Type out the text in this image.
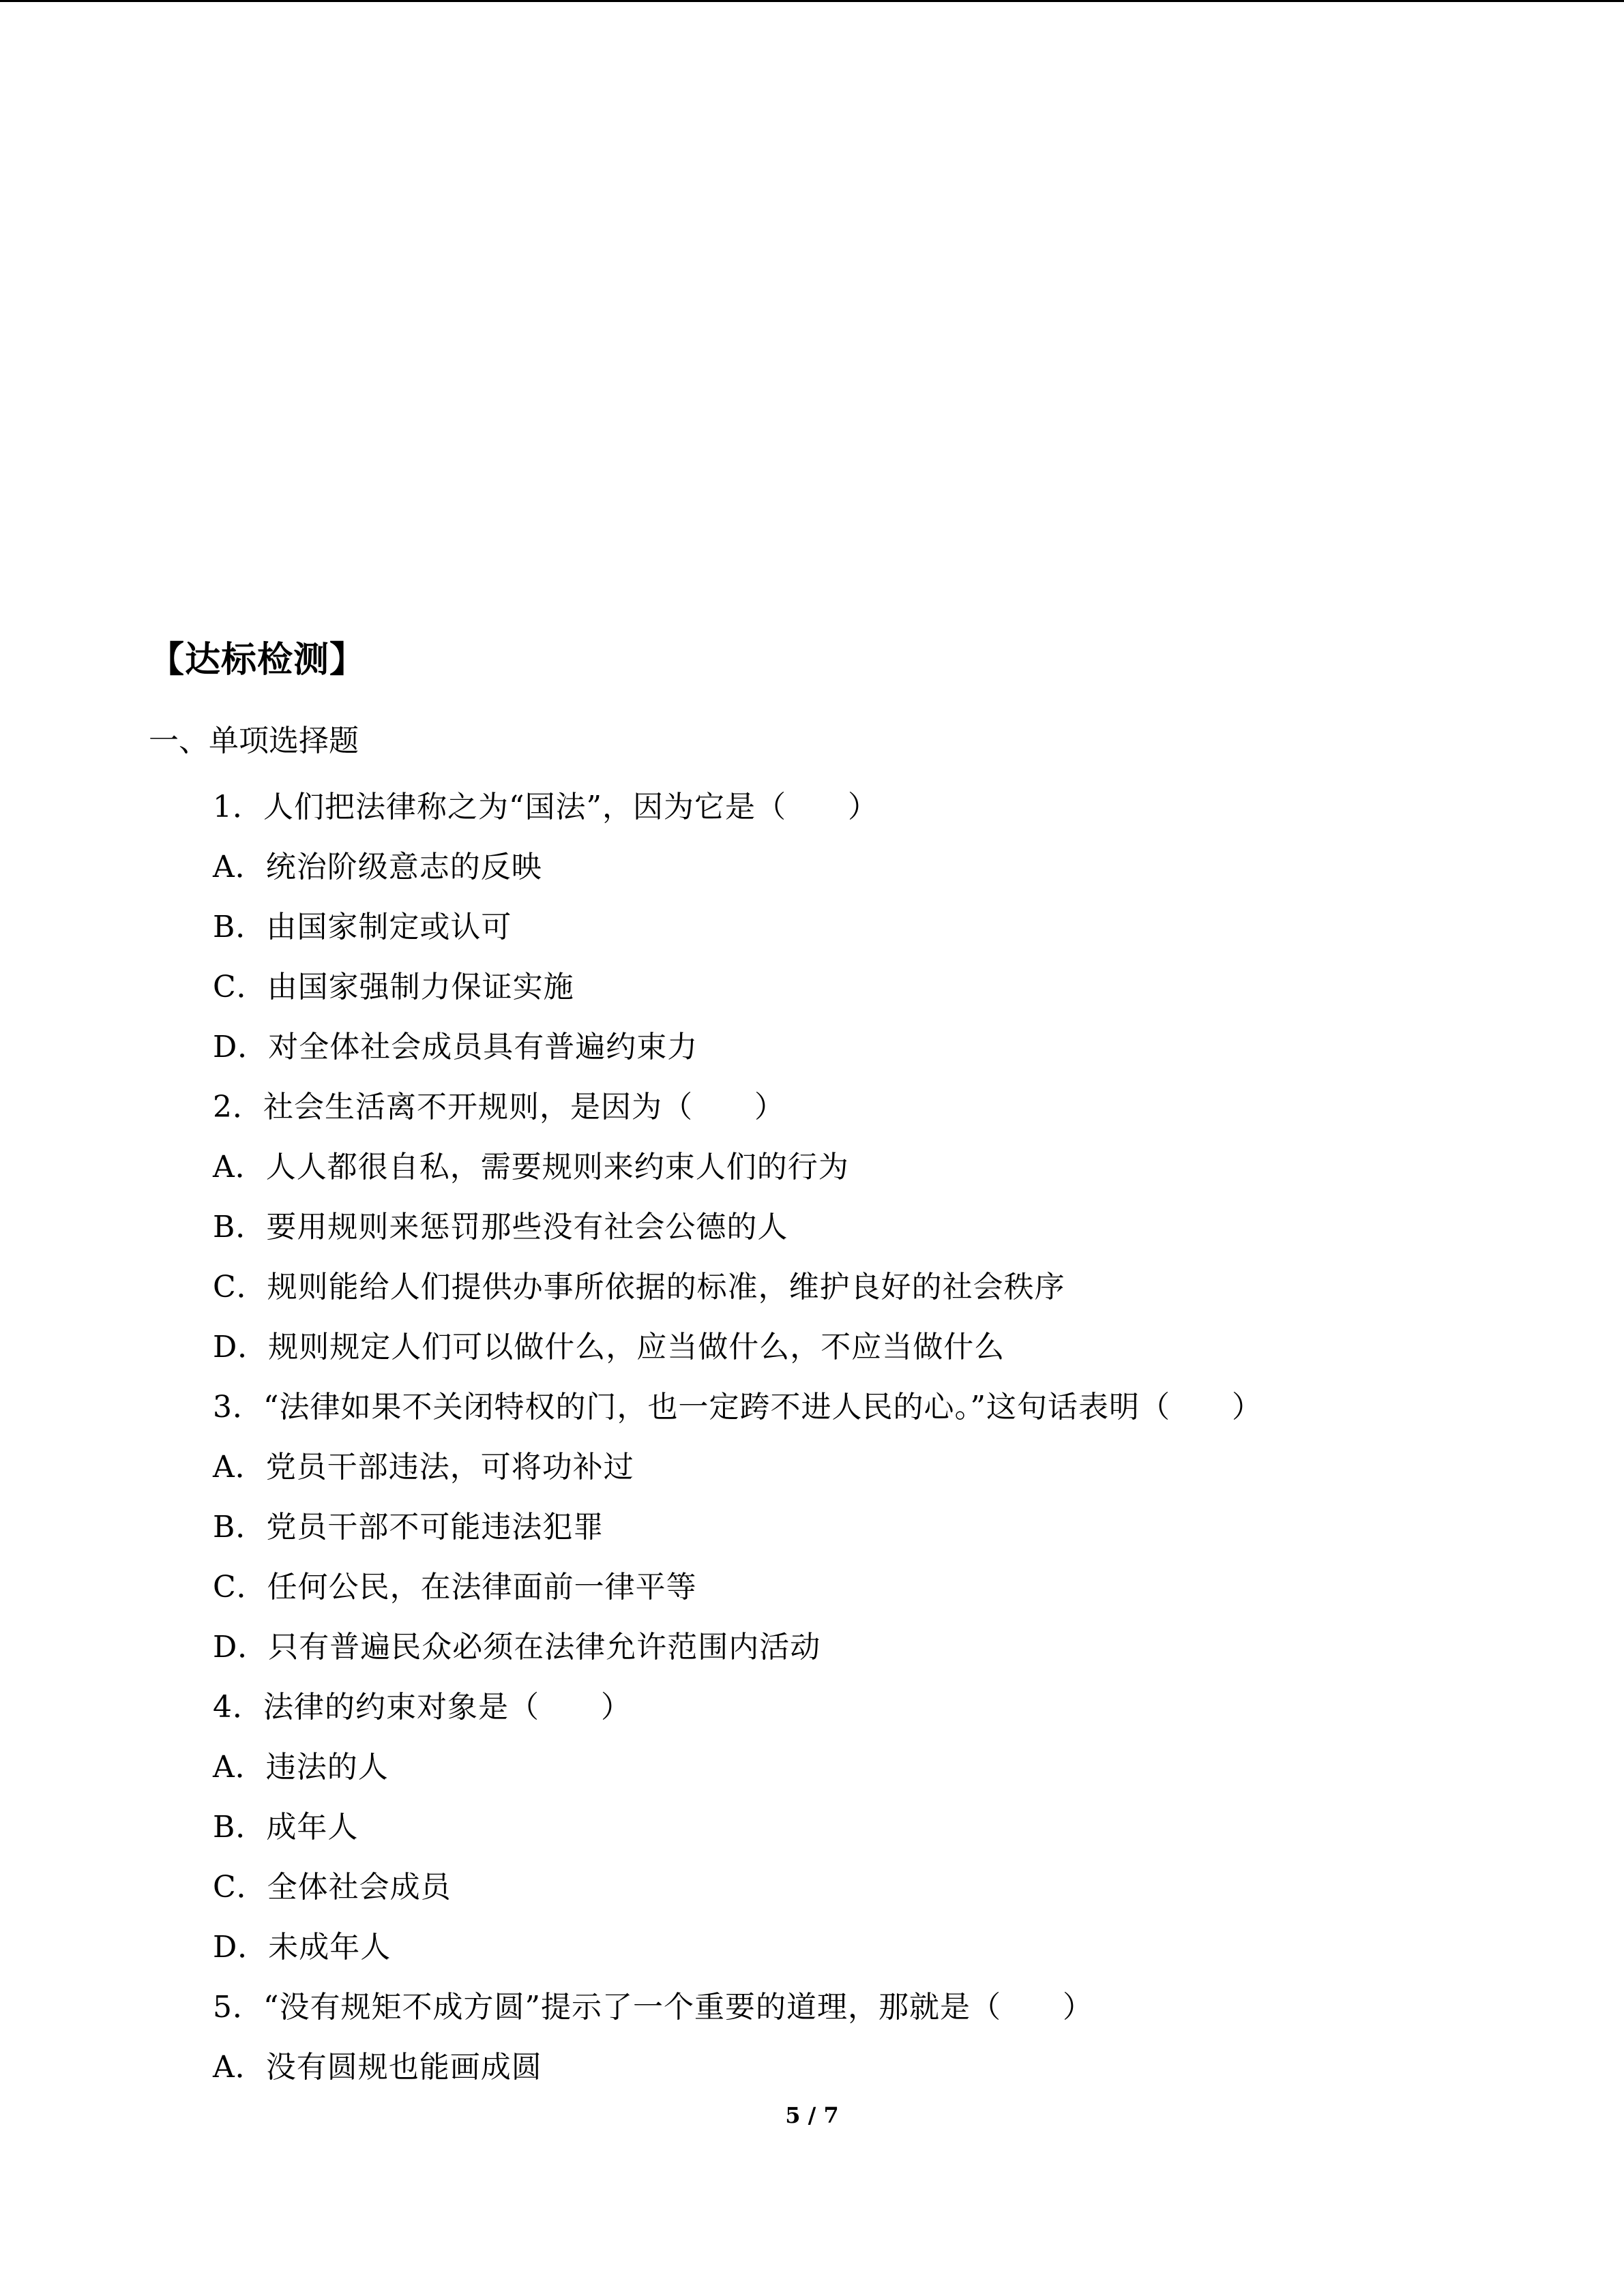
【达标检测】
一、单项选择题
1．人们把法律称之为“国法”，因为它是（　　）
A．统治阶级意志的反映
B．由国家制定或认可
C．由国家强制力保证实施
D．对全体社会成员具有普遍约束力
2．社会生活离不开规则，是因为（　　）
A．人人都很自私，需要规则来约束人们的行为
B．要用规则来惩罚那些没有社会公德的人
C．规则能给人们提供办事所依据的标准，维护良好的社会秩序
D．规则规定人们可以做什么，应当做什么，不应当做什么
3．“法律如果不关闭特权的门，也一定跨不进人民的心。”这句话表明（　　）
A．党员干部违法，可将功补过
B．党员干部不可能违法犯罪
C．任何公民，在法律面前一律平等
D．只有普遍民众必须在法律允许范围内活动
4．法律的约束对象是（　　）
A．违法的人
B．成年人
C．全体社会成员
D．未成年人
5．“没有规矩不成方圆”提示了一个重要的道理，那就是（　　）
A．没有圆规也能画成圆
5 / 7
